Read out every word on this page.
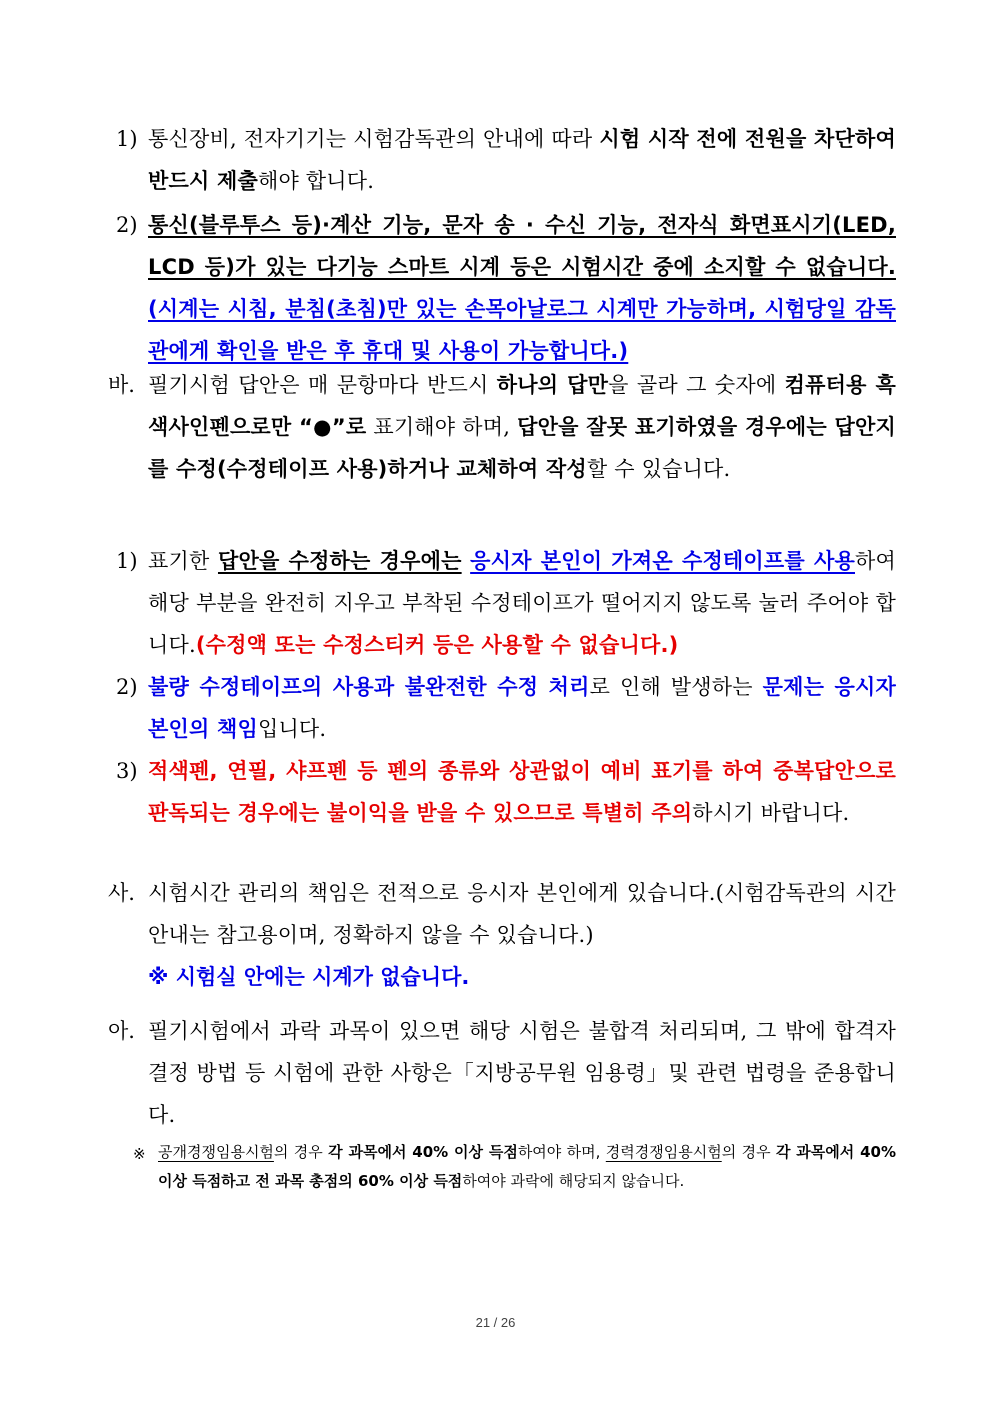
1) 통신장비, 전자기기는 시험감독관의 안내에 따라 시험 시작 전에 전원을 차단하여 반드시 제출해야 합니다.
2) 통신(블루투스 등)·계산 기능, 문자 송 · 수신 기능, 전자식 화면표시기(LED, LCD 등)가 있는 다기능 스마트 시계 등은 시험시간 중에 소지할 수 없습니다. (시계는 시침, 분침(초침)만 있는 손목아날로그 시계만 가능하며, 시험당일 감독관에게 확인을 받은 후 휴대 및 사용이 가능합니다.)
바. 필기시험 답안은 매 문항마다 반드시 하나의 답만을 골라 그 숫자에 컴퓨터용 흑색사인펜으로만 “●”로 표기해야 하며, 답안을 잘못 표기하였을 경우에는 답안지를 수정(수정테이프 사용)하거나 교체하여 작성할 수 있습니다.
1) 표기한 답안을 수정하는 경우에는 응시자 본인이 가져온 수정테이프를 사용하여 해당 부분을 완전히 지우고 부착된 수정테이프가 떨어지지 않도록 눌러 주어야 합니다.(수정액 또는 수정스티커 등은 사용할 수 없습니다.)
2) 불량 수정테이프의 사용과 불완전한 수정 처리로 인해 발생하는 문제는 응시자 본인의 책임입니다.
3) 적색펜, 연필, 샤프펜 등 펜의 종류와 상관없이 예비 표기를 하여 중복답안으로 판독되는 경우에는 불이익을 받을 수 있으므로 특별히 주의하시기 바랍니다.
사. 시험시간 관리의 책임은 전적으로 응시자 본인에게 있습니다.(시험감독관의 시간 안내는 참고용이며, 정확하지 않을 수 있습니다.)
※ 시험실 안에는 시계가 없습니다.
아. 필기시험에서 과락 과목이 있으면 해당 시험은 불합격 처리되며, 그 밖에 합격자 결정 방법 등 시험에 관한 사항은「지방공무원 임용령」및 관련 법령을 준용합니다.
※ 공개경쟁임용시험의 경우 각 과목에서 40% 이상 득점하여야 하며, 경력경쟁임용시험의 경우 각 과목에서 40% 이상 득점하고 전 과목 총점의 60% 이상 득점하여야 과락에 해당되지 않습니다.
21 / 26
